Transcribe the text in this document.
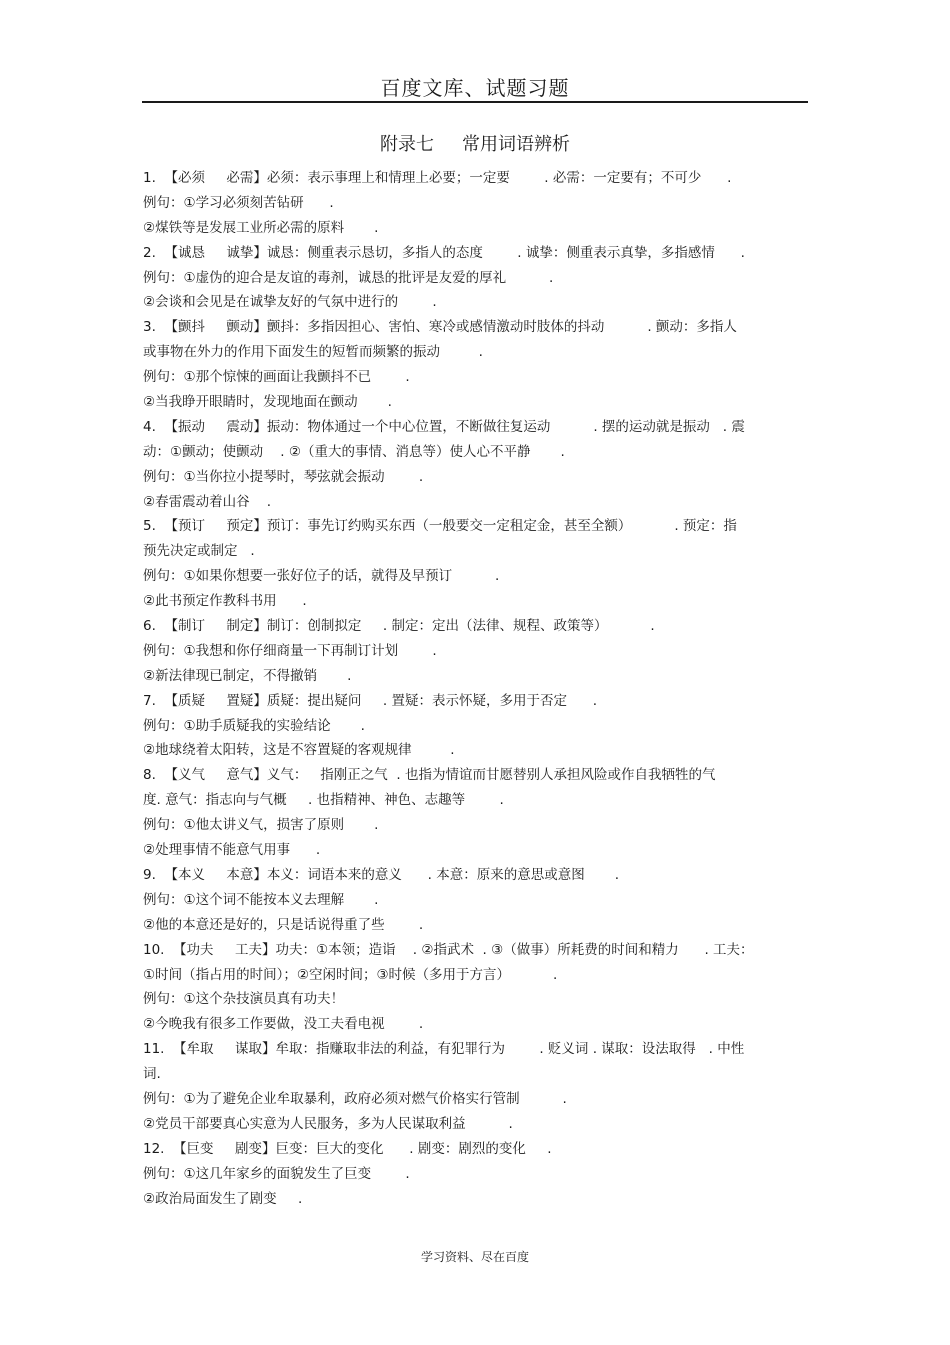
百度文库、试题习题
附录七 常用词语辨析
1.  【必须     必需】必须：表示事理上和情理上必要；一定要        . 必需：一定要有；不可少      .
例句：①学习必须刻苦钻研      .
②煤铁等是发展工业所必需的原料       .
2.  【诚恳     诚挚】诚恳：侧重表示恳切，多指人的态度        . 诚挚：侧重表示真挚，多指感情      .
例句：①虚伪的迎合是友谊的毒剂，诚恳的批评是友爱的厚礼          .
②会谈和会见是在诚挚友好的气氛中进行的        .
3.  【颤抖     颤动】颤抖：多指因担心、害怕、寒冷或感情激动时肢体的抖动          . 颤动：多指人
或事物在外力的作用下面发生的短暂而频繁的振动         .
例句：①那个惊悚的画面让我颤抖不已        .
②当我睁开眼睛时，发现地面在颤动       .
4.  【振动     震动】振动：物体通过一个中心位置，不断做往复运动          . 摆的运动就是振动   . 震
动：①颤动；使颤动    . ②（重大的事情、消息等）使人心不平静       .
例句：①当你拉小提琴时，琴弦就会振动        .
②春雷震动着山谷    .
5.  【预订     预定】预订：事先订约购买东西（一般要交一定租定金，甚至全额）          . 预定：指
预先决定或制定   .
例句：①如果你想要一张好位子的话，就得及早预订          .
②此书预定作教科书用      .
6.  【制订     制定】制订：创制拟定     . 制定：定出（法律、规程、政策等）          .
例句：①我想和你仔细商量一下再制订计划        .
②新法律现已制定，不得撤销       .
7.  【质疑     置疑】质疑：提出疑问     . 置疑：表示怀疑，多用于否定      .
例句：①助手质疑我的实验结论       .
②地球绕着太阳转，这是不容置疑的客观规律         .
8.  【义气     意气】义气：   指刚正之气  . 也指为情谊而甘愿替别人承担风险或作自我牺牲的气
度. 意气：指志向与气概     . 也指精神、神色、志趣等        .
例句：①他太讲义气，损害了原则       .
②处理事情不能意气用事      .
9.  【本义     本意】本义：词语本来的意义      . 本意：原来的意思或意图       .
例句：①这个词不能按本义去理解       .
②他的本意还是好的，只是话说得重了些        .
10.  【功夫     工夫】功夫：①本领；造诣    . ②指武术  . ③（做事）所耗费的时间和精力      . 工夫：
①时间（指占用的时间）；②空闲时间；③时候（多用于方言）          .
例句：①这个杂技演员真有功夫！
②今晚我有很多工作要做，没工夫看电视        .
11.  【牟取     谋取】牟取：指赚取非法的利益，有犯罪行为        . 贬义词 . 谋取：设法取得   . 中性
词.
例句：①为了避免企业牟取暴利，政府必须对燃气价格实行管制          .
②党员干部要真心实意为人民服务，多为人民谋取利益          .
12.  【巨变     剧变】巨变：巨大的变化      . 剧变：剧烈的变化     .
例句：①这几年家乡的面貌发生了巨变        .
②政治局面发生了剧变     .
学习资料、尽在百度
